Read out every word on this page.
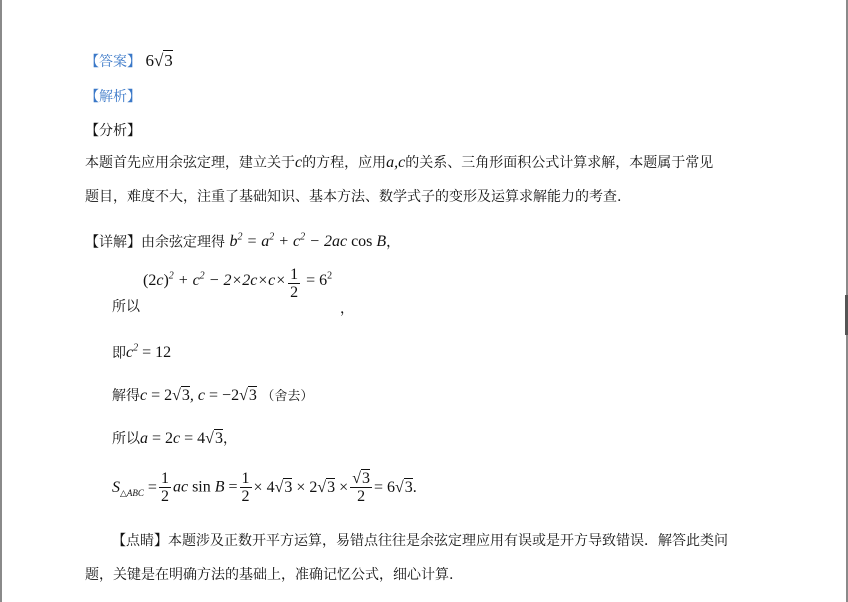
【答案】 6√3
【解析】
【分析】
本题首先应用余弦定理，建立关于c的方程，应用a,c的关系、三角形面积公式计算求解，本题属于常见
题目，难度不大，注重了基础知识、基本方法、数学式子的变形及运算求解能力的考查.
【详解】由余弦定理得 $b^2 = a^2 + c^2 - 2ac$ cos B，
所以
$(2c)^2 + c^2 - 2\times 2c\times c\times \frac{1}{2} = 6^2$
，
即$c^2 = 12$
解得c = 2√3, c = −2√3 （舍去）
所以a = 2c = 4√3，
$S_{\triangle ABC} = \frac{1}{2}$ ac $\sin B = \frac{1}{2} \times 4√3 \times 2√3 \times \frac{√3}{2} = 6√3$.
【点睛】本题涉及正数开平方运算，易错点往往是余弦定理应用有误或是开方导致错误．解答此类问
题，关键是在明确方法的基础上，准确记忆公式，细心计算.
